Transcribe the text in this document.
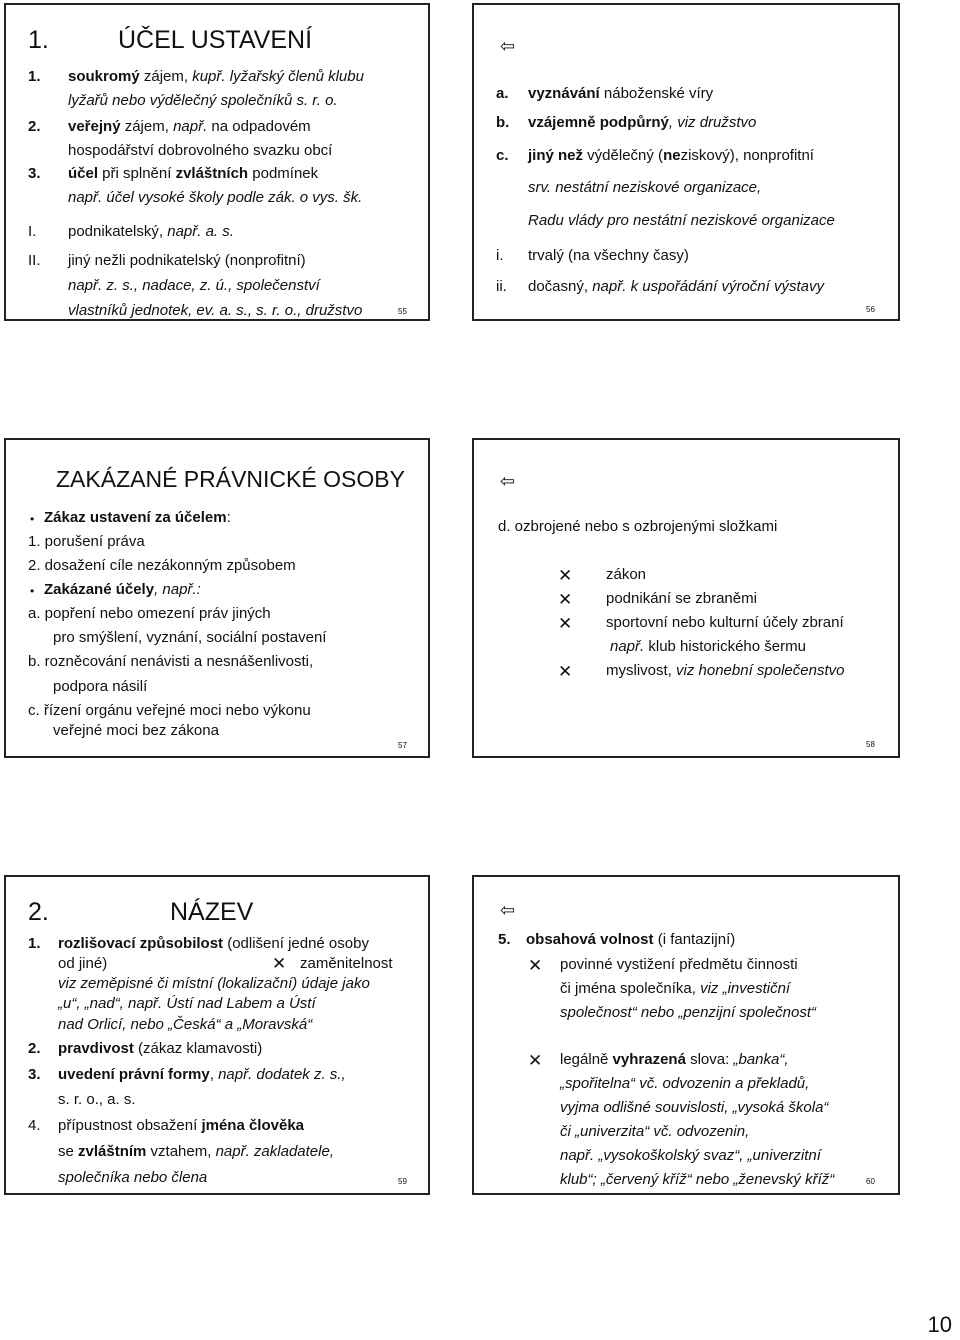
1.	ÚČEL USTAVENÍ
1. soukromý zájem, kupř. lyžařský členů klubu
lyžařů nebo výdělečný společníků s. r. o.
2. veřejný zájem, např. na odpadovém
hospodářství dobrovolného svazku obcí
3. účel při splnění zvláštních podmínek
např. účel vysoké školy podle zák. o vys. šk.
I. podnikatelský, např. a. s.
II. jiný nežli podnikatelský (nonprofitní)
např. z. s., nadace, z. ú., společenství
vlastníků jednotek, ev. a. s., s. r. o., družstvo	55
⇦
a. vyznávání náboženské víry
b. vzájemně podpůrný, viz družstvo
c. jiný než výdělečný (neziskový), nonprofitní
srv. nestátní neziskové organizace,
Radu vlády pro nestátní neziskové organizace
i. trvalý (na všechny časy)
ii. dočasný, např. k uspořádání výroční výstavy
56
ZAKÁZANÉ PRÁVNICKÉ OSOBY
• Zákaz ustavení za účelem:
1. porušení práva
2. dosažení cíle nezákonným způsobem
• Zakázané účely, např.:
a. popření nebo omezení práv jiných
pro smýšlení, vyznání, sociální postavení
b. rozněcování nenávisti a nesnášenlivosti,
podpora násilí
c. řízení orgánu veřejné moci nebo výkonu
veřejné moci bez zákona
57
⇦
d. ozbrojené nebo s ozbrojenými složkami
✕ zákon
✕ podnikání se zbraněmi
✕ sportovní nebo kulturní účely zbraní
např. klub historického šermu
✕ myslivost, viz honební společenstvo
58
2.	NÁZEV
1. rozlišovací způsobilost (odlišení jedné osoby
od jiné)	✕ zaměnitelnost
viz zeměpisné či místní (lokalizační) údaje jako
„u“, „nad“, např. Ústí nad Labem a Ústí
nad Orlicí, nebo „Česká“ a „Moravská“
2. pravdivost (zákaz klamavosti)
3. uvedení právní formy, např. dodatek z. s.,
s. r. o., a. s.
4. přípustnost obsažení jména člověka
se zvláštním vztahem, např. zakladatele,
společníka nebo člena	59
⇦
5. obsahová volnost (i fantazijní)
✕ povinné vystižení předmětu činnosti
či jména společníka, viz „investiční
společnost“ nebo „penzijní společnost“
✕ legálně vyhrazená slova: „banka“,
„spořitelna“ vč. odvozenin a překladů,
vyjma odlišné souvislosti, „vysoká škola“
či „univerzita“ vč. odvozenin,
např. „vysokoškolský svaz“, „univerzitní
klub“; „červený kříž“ nebo „ženevský kříž“	60
10
